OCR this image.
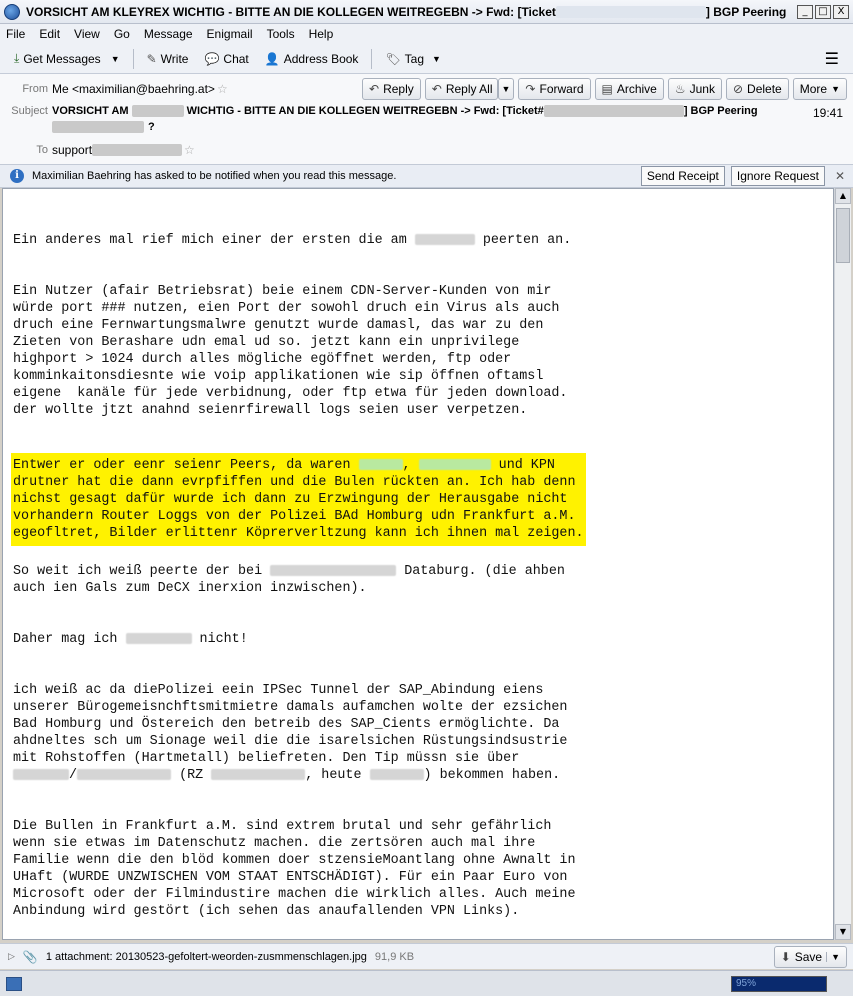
VORSICHT AM KLEYREX WICHTIG - BITTE AN DIE KOLLEGEN WEITREGEBN -> Fwd: [Ticket	] BGP Peering	_	□ X
File Edit View Go Message Enigmail Tools Help
⤓ Get Messages ▼ ✎ Write 💬 Chat 👤 Address Book 🏷 Tag ▼	☰
From Me <maximilian@baehring.at> ☆	↶ Reply ↶ Reply All ▼ ↷ Forward ▤ Archive ♨ Junk ⊘ Delete More ▼
Subject VORSICHT AM	WICHTIG - BITTE AN DIE KOLLEGEN WEITREGEBN -> Fwd: [Ticket#	] BGP Peering
?
19:41
To support	☆
i	Maximilian Baehring has asked to be notified when you read this message.	Send Receipt	Ignore Request	✕

Ein anderes mal rief mich einer der ersten die am	peerten an.

Ein Nutzer (afair Betriebsrat) beie einem CDN-Server-Kunden von mir
würde port ### nutzen, eien Port der sowohl druch ein Virus als auch
druch eine Fernwartungsmalwre genutzt wurde damasl, das war zu den
Zieten von Berashare udn emal ud so. jetzt kann ein unprivilege
highport > 1024 durch alles mögliche egöffnet werden, ftp oder
komminkaitonsdiesnte wie voip applikationen wie sip öffnen oftamsl
eigene  kanäle für jede verbidnung, oder ftp etwa für jeden download.
der wollte jtzt anahnd seienrfirewall logs seien user verpetzen.

Entwer er oder eenr seienr Peers, da waren	,	und KPN
drutner hat die dann evrpfiffen und die Bulen rückten an. Ich hab denn
nichst gesagt dafür wurde ich dann zu Erzwingung der Herausgabe nicht
vorhandern Router Loggs von der Polizei BAd Homburg udn Frankfurt a.M.
egeofltret, Bilder erlittenr Köprerverltzung kann ich ihnen mal zeigen.

So weit ich weiß peerte der bei	Databurg. (die ahben
auch ien Gals zum DeCX inerxion inzwischen).

Daher mag ich	nicht!

ich weiß ac da diePolizei eein IPSec Tunnel der SAP_Abindung eiens
unserer Bürogemeisnchftsmitmietre damals aufamchen wolte der ezsichen
Bad Homburg und Östereich den betreib des SAP_Cients ermöglichte. Da
ahdneltes sch um Sionage weil die die isarelsichen Rüstungsindsustrie
mit Rohstoffen (Hartmetall) beliefreten. Den Tip müssn sie über
/	(RZ	, heute	) bekommen haben.

Die Bullen in Frankfurt a.M. sind extrem brutal und sehr gefährlich
wenn sie etwas im Datenschutz machen. die zertsören auch mal ihre
Familie wenn die den blöd kommen doer stzensieMoantlang ohne Awnalt in
UHaft (WURDE UNZWISCHEN VOM STAAT ENTSCHÄDIGT). Für ein Paar Euro von
Microsoft oder der Filmindustire machen die wirklich alles. Auch meine
Anbindung wird gestört (ich sehen das anaufallenden VPN Links).

▲
▼
▷ 📎 1 attachment: 20130523-gefoltert-weorden-zusmmenschlagen.jpg 91,9 KB	⬇ Save	▼
95%
